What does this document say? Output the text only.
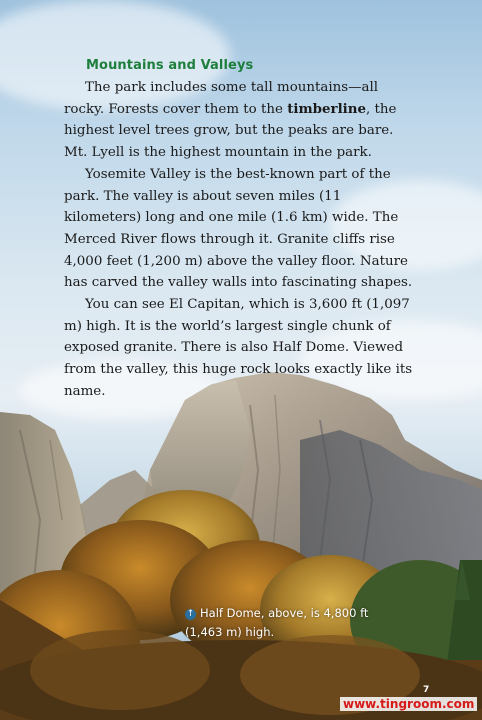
Mountains and Valleys

The park includes some tall mountains—all rocky. Forests cover them to the timberline, the highest level trees grow, but the peaks are bare. Mt. Lyell is the highest mountain in the park.

Yosemite Valley is the best-known part of the park. The valley is about seven miles (11 kilometers) long and one mile (1.6 km) wide. The Merced River flows through it. Granite cliffs rise 4,000 feet (1,200 m) above the valley floor. Nature has carved the valley walls into fascinating shapes.

You can see El Capitan, which is 3,600 ft (1,097 m) high. It is the world’s largest single chunk of exposed granite. There is also Half Dome. Viewed from the valley, this huge rock looks exactly like its name.

↑ Half Dome, above, is 4,800 ft (1,463 m) high.
7
www.tingroom.com
